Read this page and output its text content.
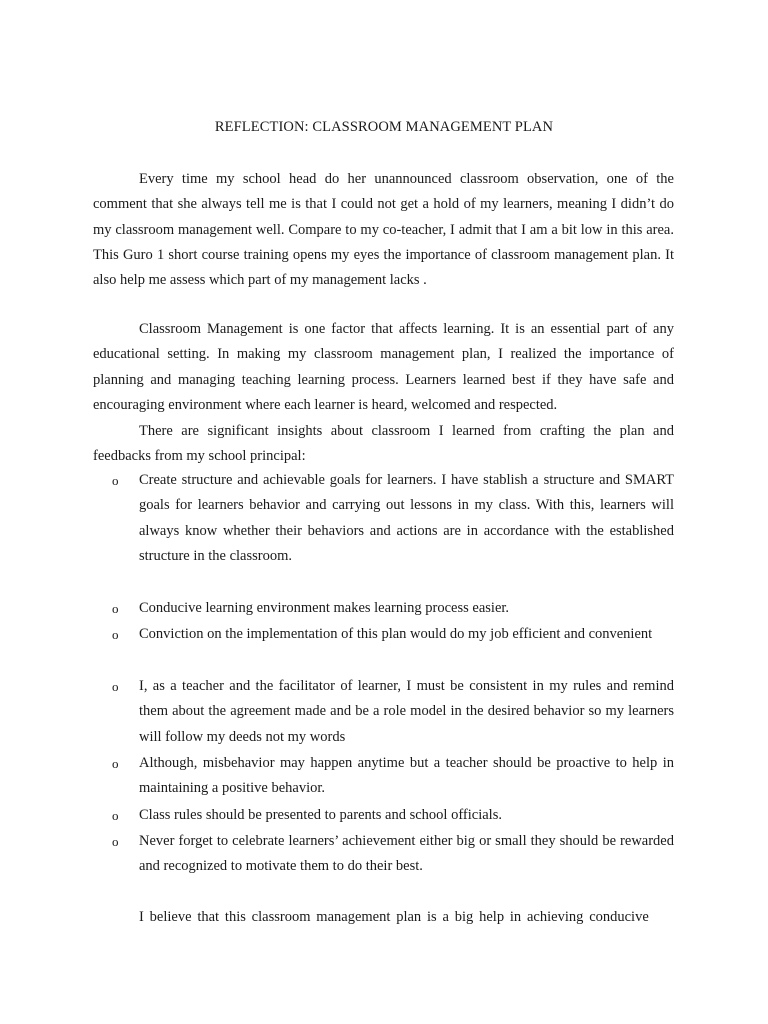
REFLECTION: CLASSROOM MANAGEMENT PLAN

Every time my school head do her unannounced classroom observation, one of the comment that she always tell me is that I could not get a hold of my learners, meaning I didn’t do my classroom management well. Compare to my co-teacher, I admit that I am a bit low in this area. This Guro 1 short course training opens my eyes the importance of classroom management plan. It also help me assess which part of my management lacks .

Classroom Management is one factor that affects learning. It is an essential part of any educational setting. In making my classroom management plan, I realized the importance of planning and managing teaching learning process. Learners learned best if they have safe and encouraging environment where each learner is heard, welcomed and respected.

There are significant insights about classroom I learned from crafting the plan and feedbacks from my school principal:

o	Create structure and achievable goals for learners. I have stablish a structure and SMART goals for learners behavior and carrying out lessons in my class. With this, learners will always know whether their behaviors and actions are in accordance with the established structure in the classroom.
o	Conducive learning environment makes learning process easier.
o	Conviction on the implementation of this plan would do my job efficient and convenient
o	I, as a teacher and the facilitator of learner, I must be consistent in my rules and remind them about the agreement made and be a role model in the desired behavior so my learners will follow my deeds not my words
o	Although, misbehavior may happen anytime but a teacher should be proactive to help in maintaining a positive behavior.
o	Class rules should be presented to parents and school officials.
o	Never forget to celebrate learners’ achievement either big or small they should be rewarded and recognized to motivate them to do their best.

I believe that this classroom management plan is a big help in achieving conducive
